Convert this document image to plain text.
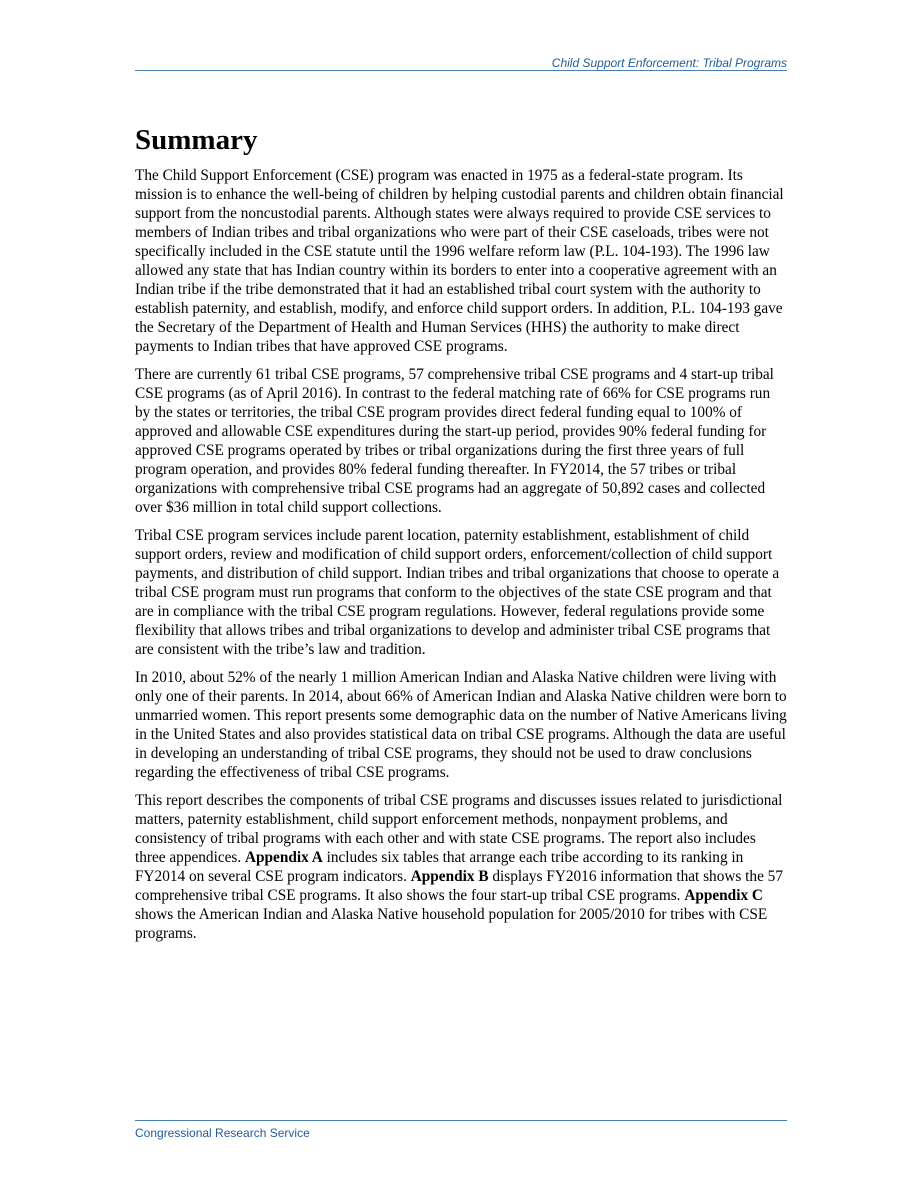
Child Support Enforcement: Tribal Programs
Summary

The Child Support Enforcement (CSE) program was enacted in 1975 as a federal-state program. Its mission is to enhance the well-being of children by helping custodial parents and children obtain financial support from the noncustodial parents. Although states were always required to provide CSE services to members of Indian tribes and tribal organizations who were part of their CSE caseloads, tribes were not specifically included in the CSE statute until the 1996 welfare reform law (P.L. 104-193). The 1996 law allowed any state that has Indian country within its borders to enter into a cooperative agreement with an Indian tribe if the tribe demonstrated that it had an established tribal court system with the authority to establish paternity, and establish, modify, and enforce child support orders. In addition, P.L. 104-193 gave the Secretary of the Department of Health and Human Services (HHS) the authority to make direct payments to Indian tribes that have approved CSE programs.

There are currently 61 tribal CSE programs, 57 comprehensive tribal CSE programs and 4 start-up tribal CSE programs (as of April 2016). In contrast to the federal matching rate of 66% for CSE programs run by the states or territories, the tribal CSE program provides direct federal funding equal to 100% of approved and allowable CSE expenditures during the start-up period, provides 90% federal funding for approved CSE programs operated by tribes or tribal organizations during the first three years of full program operation, and provides 80% federal funding thereafter. In FY2014, the 57 tribes or tribal organizations with comprehensive tribal CSE programs had an aggregate of 50,892 cases and collected over $36 million in total child support collections.

Tribal CSE program services include parent location, paternity establishment, establishment of child support orders, review and modification of child support orders, enforcement/collection of child support payments, and distribution of child support. Indian tribes and tribal organizations that choose to operate a tribal CSE program must run programs that conform to the objectives of the state CSE program and that are in compliance with the tribal CSE program regulations. However, federal regulations provide some flexibility that allows tribes and tribal organizations to develop and administer tribal CSE programs that are consistent with the tribe’s law and tradition.

In 2010, about 52% of the nearly 1 million American Indian and Alaska Native children were living with only one of their parents. In 2014, about 66% of American Indian and Alaska Native children were born to unmarried women. This report presents some demographic data on the number of Native Americans living in the United States and also provides statistical data on tribal CSE programs. Although the data are useful in developing an understanding of tribal CSE programs, they should not be used to draw conclusions regarding the effectiveness of tribal CSE programs.

This report describes the components of tribal CSE programs and discusses issues related to jurisdictional matters, paternity establishment, child support enforcement methods, nonpayment problems, and consistency of tribal programs with each other and with state CSE programs. The report also includes three appendices. Appendix A includes six tables that arrange each tribe according to its ranking in FY2014 on several CSE program indicators. Appendix B displays FY2016 information that shows the 57 comprehensive tribal CSE programs. It also shows the four start-up tribal CSE programs. Appendix C shows the American Indian and Alaska Native household population for 2005/2010 for tribes with CSE programs.

Congressional Research Service
